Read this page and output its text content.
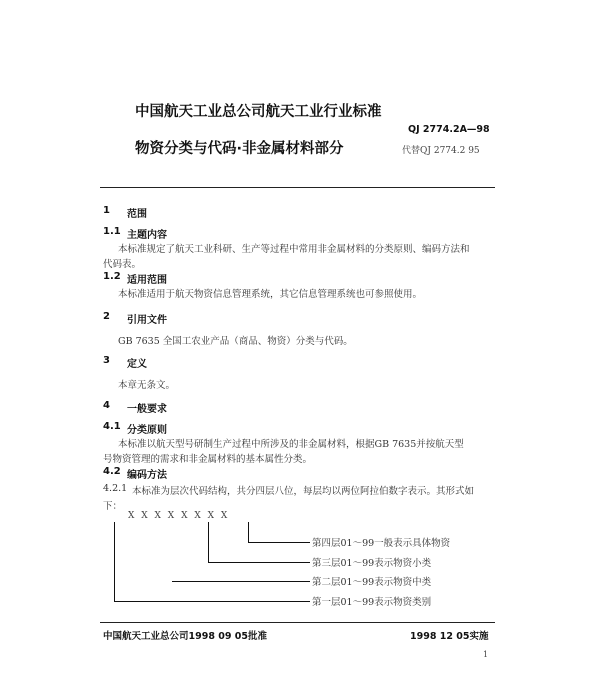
中国航天工业总公司航天工业行业标准
物资分类与代码·非金属材料部分
QJ 2774.2A—98
代替QJ 2774.2 95
1 范围
1.1 主题内容
本标准规定了航天工业科研、生产等过程中常用非金属材料的分类原则、编码方法和
代码表。
1.2 适用范围
本标准适用于航天物资信息管理系统，其它信息管理系统也可参照使用。
2 引用文件
GB 7635 全国工农业产品（商品、物资）分类与代码。
3 定义
本章无条文。
4 一般要求
4.1 分类原则
本标准以航天型号研制生产过程中所涉及的非金属材料，根据GB 7635并按航天型
号物资管理的需求和非金属材料的基本属性分类。
4.2 编码方法
4.2.1 本标准为层次代码结构，共分四层八位，每层均以两位阿拉伯数字表示。其形式如
下：
X X X X X X X X
第四层01～99一般表示具体物资
第三层01～99表示物资小类
第二层01～99表示物资中类
第一层01～99表示物资类别
中国航天工业总公司1998 09 05批准	1998 12 05实施
1
